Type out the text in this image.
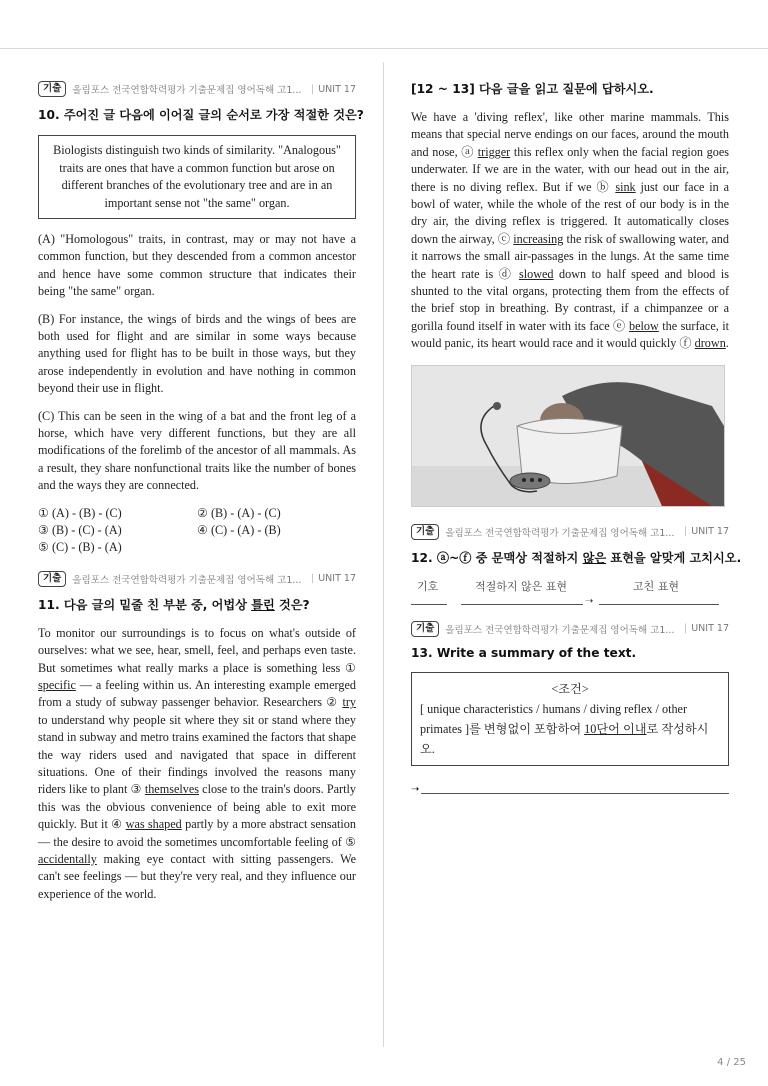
기출	올림포스 전국연합학력평가 기출문제집 영어독해 고1...	| UNIT 17
10. 주어진 글 다음에 이어질 글의 순서로 가장 적절한 것은?
Biologists distinguish two kinds of similarity. "Analogous" traits are ones that have a common function but arose on different branches of the evolutionary tree and are in an important sense not "the same" organ.

(A) "Homologous" traits, in contrast, may or may not have a common function, but they descended from a common ancestor and hence have some common structure that indicates their being "the same" organ.

(B) For instance, the wings of birds and the wings of bees are both used for flight and are similar in some ways because anything used for flight has to be built in those ways, but they arose independently in evolution and have nothing in common beyond their use in flight.

(C) This can be seen in the wing of a bat and the front leg of a horse, which have very different functions, but they are all modifications of the forelimb of the ancestor of all mammals. As a result, they share nonfunctional traits like the number of bones and the ways they are connected.

① (A) - (B) - (C)	② (B) - (A) - (C)
③ (B) - (C) - (A)	④ (C) - (A) - (B)
⑤ (C) - (B) - (A)
기출	올림포스 전국연합학력평가 기출문제집 영어독해 고1...	| UNIT 17
11. 다음 글의 밑줄 친 부분 중, 어법상 틀린 것은?

To monitor our surroundings is to focus on what's outside of ourselves: what we see, hear, smell, feel, and perhaps even taste. But sometimes what really marks a place is something less ① specific — a feeling within us. An interesting example emerged from a study of subway passenger behavior. Researchers ② try to understand why people sit where they sit or stand where they stand in subway and metro trains examined the factors that shape the way riders used and navigated that space in different situations. One of their findings involved the reasons many riders like to plant ③ themselves close to the train's doors. Partly this was the obvious convenience of being able to exit more quickly. But it ④ was shaped partly by a more abstract sensation — the desire to avoid the sometimes uncomfortable feeling of ⑤ accidentally making eye contact with sitting passengers. We can't see feelings — but they're very real, and they influence our experience of the world.

[12 ~ 13] 다음 글을 읽고 질문에 답하시오.

We have a 'diving reflex', like other marine mammals. This means that special nerve endings on our faces, around the mouth and nose, ⓐ trigger this reflex only when the facial region goes underwater. If we are in the water, with our head out in the air, there is no diving reflex. But if we ⓑ sink just our face in a bowl of water, while the whole of the rest of our body is in the dry air, the diving reflex is triggered. It automatically closes down the airway, ⓒ increasing the risk of swallowing water, and it narrows the small air-passages in the lungs. At the same time the heart rate is ⓓ slowed down to half speed and blood is shunted to the vital organs, protecting them from the effects of the brief stop in breathing. By contrast, if a chimpanzee or a gorilla found itself in water with its face ⓔ below the surface, it would panic, its heart would race and it would quickly ⓕ drown.

기출	올림포스 전국연합학력평가 기출문제집 영어독해 고1...	| UNIT 17
12. ⓐ~ⓕ 중 문맥상 적절하지 않은 표현을 알맞게 고치시오.
기호	적절하지 않은 표현	고친 표현
➝
기출	올림포스 전국연합학력평가 기출문제집 영어독해 고1...	| UNIT 17
13. Write a summary of the text.
<조건>
[ unique characteristics / humans / diving reflex / other primates ]를 변형없이 포함하여 10단어 이내로 작성하시오.
➝
4 / 25
